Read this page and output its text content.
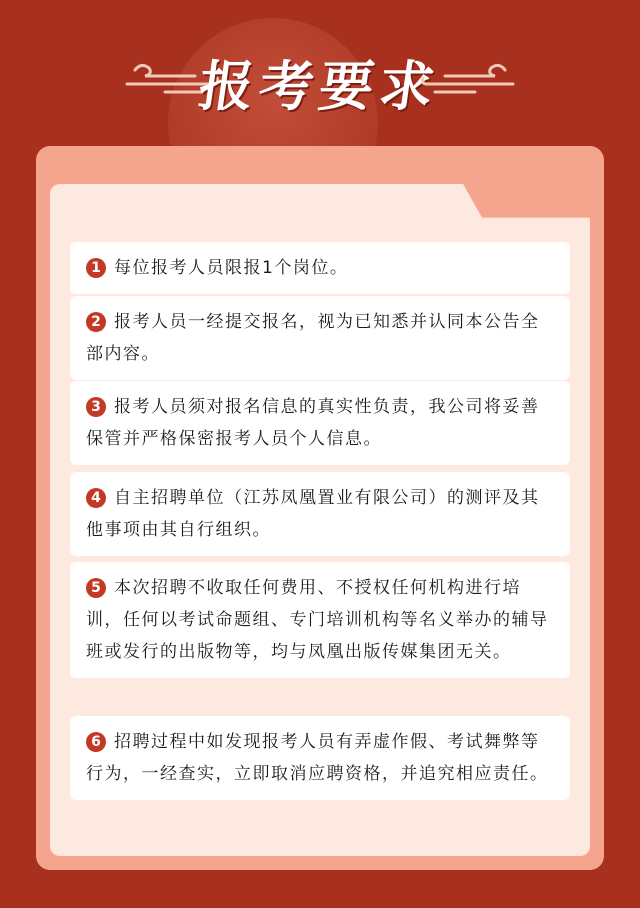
报考要求
1 每位报考人员限报1个岗位。
2 报考人员一经提交报名，视为已知悉并认同本公告全部内容。
3 报考人员须对报名信息的真实性负责，我公司将妥善保管并严格保密报考人员个人信息。
4 自主招聘单位（江苏凤凰置业有限公司）的测评及其他事项由其自行组织。
5 本次招聘不收取任何费用、不授权任何机构进行培训，任何以考试命题组、专门培训机构等名义举办的辅导班或发行的出版物等，均与凤凰出版传媒集团无关。
6 招聘过程中如发现报考人员有弄虚作假、考试舞弊等行为，一经查实，立即取消应聘资格，并追究相应责任。
